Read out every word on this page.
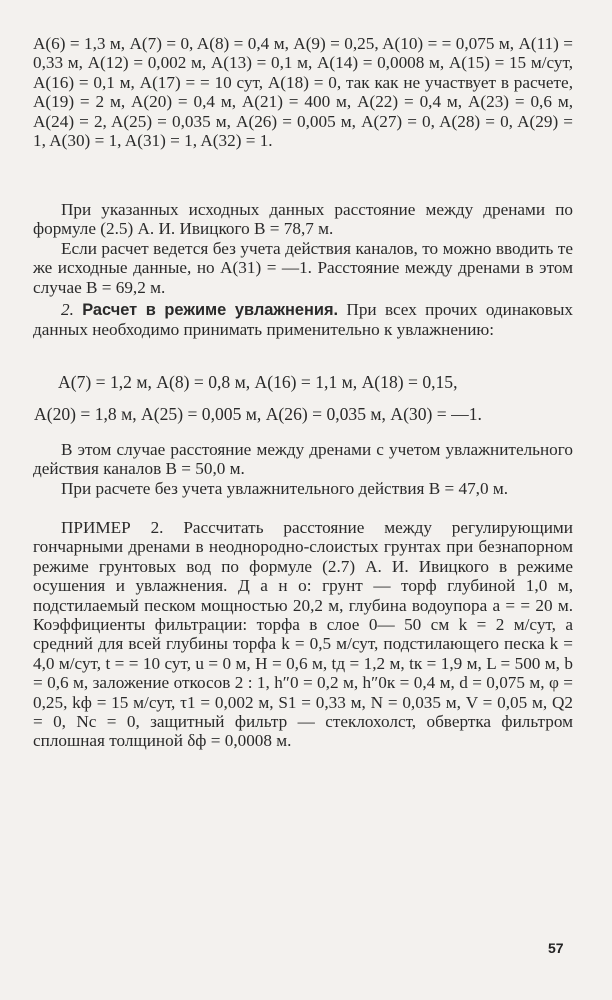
A(6) = 1,3 м, A(7) = 0, A(8) = 0,4 м, A(9) = 0,25, A(10) = = 0,075 м, A(11) = 0,33 м, A(12) = 0,002 м, A(13) = 0,1 м, A(14) = 0,0008 м, A(15) = 15 м/сут, A(16) = 0,1 м, A(17) = = 10 сут, A(18) = 0, так как не участвует в расчете, A(19) = 2 м, A(20) = 0,4 м, A(21) = 400 м, A(22) = 0,4 м, A(23) = 0,6 м, A(24) = 2, A(25) = 0,035 м, A(26) = 0,005 м, A(27) = 0, A(28) = 0, A(29) = 1, A(30) = 1, A(31) = 1, A(32) = 1.

При указанных исходных данных расстояние между дренами по формуле (2.5) А. И. Ивицкого В = 78,7 м.

Если расчет ведется без учета действия каналов, то можно вводить те же исходные данные, но A(31) = —1. Расстояние между дренами в этом случае В = 69,2 м.

2. Расчет в режиме увлажнения. При всех прочих одинаковых данных необходимо принимать применительно к увлажнению:

A(7) = 1,2 м, A(8) = 0,8 м, A(16) = 1,1 м, A(18) = 0,15,
A(20) = 1,8 м, A(25) = 0,005 м, A(26) = 0,035 м, A(30) = —1.

В этом случае расстояние между дренами с учетом увлажнительного действия каналов B = 50,0 м.

При расчете без учета увлажнительного действия B = 47,0 м.

ПРИМЕР 2. Рассчитать расстояние между регулирующими гончарными дренами в неоднородно-слоистых грунтах при безнапорном режиме грунтовых вод по формуле (2.7) А. И. Ивицкого в режиме осушения и увлажнения. Д а н о: грунт — торф глубиной 1,0 м, подстилаемый песком мощностью 20,2 м, глубина водоупора a = = 20 м. Коэффициенты фильтрации: торфа в слое 0— 50 см k = 2 м/сут, а средний для всей глубины торфа k = 0,5 м/сут, подстилающего песка k = 4,0 м/сут, t = = 10 сут, u = 0 м, H = 0,6 м, tд = 1,2 м, tк = 1,9 м, L = 500 м, b = 0,6 м, заложение откосов 2 : 1, h″0 = 0,2 м, h″0к = 0,4 м, d = 0,075 м, φ = 0,25, kф = 15 м/сут, τ1 = 0,002 м, S1 = 0,33 м, N = 0,035 м, V = 0,05 м, Q2 = 0, Nc = 0, защитный фильтр — стеклохолст, обвертка фильтром сплошная толщиной δф = 0,0008 м.

57
